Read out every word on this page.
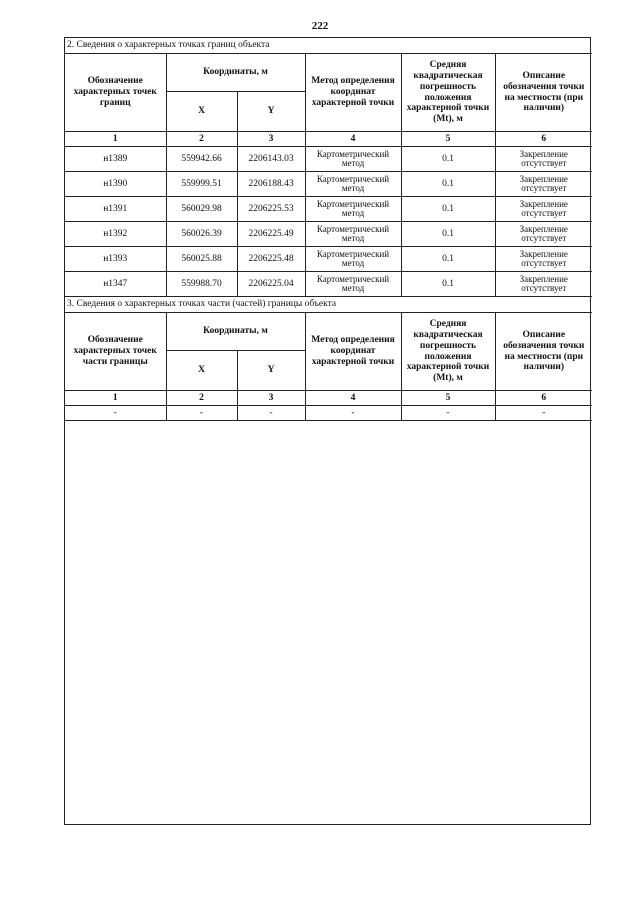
222
2. Сведения о характерных точках границ объекта					
Обозначение характерных точек границ	Координаты, м		Метод определения координат характерной точки	Средняя квадратическая погрешность положения характерной точки (Mt), м	Описание обозначения точки на местности (при наличии)
	X	Y			
1	2	3	4	5	6
н1389	559942.66	2206143.03	Картометрический метод	0.1	Закрепление отсутствует
н1390	559999.51	2206188.43	Картометрический метод	0.1	Закрепление отсутствует
н1391	560029.98	2206225.53	Картометрический метод	0.1	Закрепление отсутствует
н1392	560026.39	2206225.49	Картометрический метод	0.1	Закрепление отсутствует
н1393	560025.88	2206225.48	Картометрический метод	0.1	Закрепление отсутствует
н1347	559988.70	2206225.04	Картометрический метод	0.1	Закрепление отсутствует
3. Сведения о характерных точках части (частей) границы объекта					
Обозначение характерных точек части границы	Координаты, м		Метод определения координат характерной точки	Средняя квадратическая погрешность положения характерной точки (Mt), м	Описание обозначения точки на местности (при наличии)
	X	Y			
1	2	3	4	5	6
-	-	-	-	-	-
